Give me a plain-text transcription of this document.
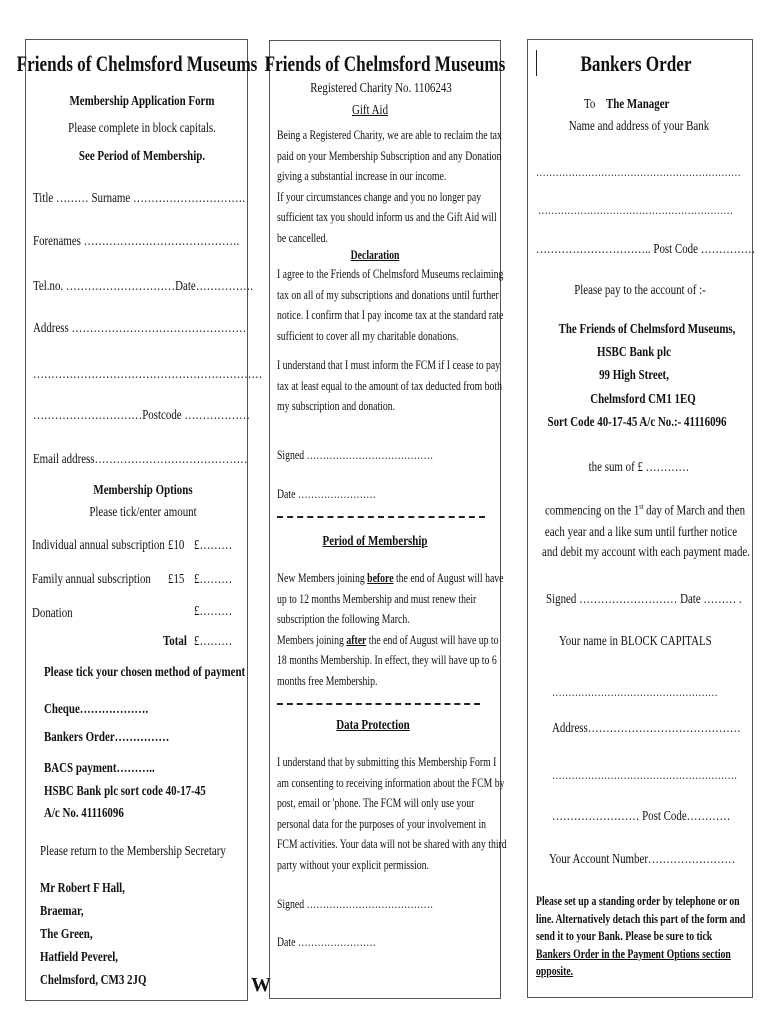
Friends of Chelmsford Museums
Membership Application Form
Please complete in block capitals.
See Period of Membership.
Title ……… Surname ………………………….
Forenames …………………………………….
Tel.no. …………………………Date…………….
Address …………………………………………
………………………………………………………
…………………………Postcode ………………
Email address……………………………………
Membership Options
Please tick/enter amount
Individual annual subscription £10 £………
Family annual subscription £15 £………
Donation	£………
Total £………
Please tick your chosen method of payment
Cheque……………….
Bankers Order……………
BACS payment………..
HSBC Bank plc sort code 40-17-45
A/c No. 41116096
Please return to the Membership Secretary
Mr Robert F Hall,
Braemar,
The Green,
Hatfield Peverel,
Chelmsford, CM3 2JQ	W
Friends of Chelmsford Museums
Registered Charity No. 1106243
Gift Aid
Being a Registered Charity, we are able to reclaim the tax
paid on your Membership Subscription and any Donation
giving a substantial increase in our income.
If your circumstances change and you no longer pay
sufficient tax you should inform us and the Gift Aid will
be cancelled.
Declaration
I agree to the Friends of Chelmsford Museums reclaiming
tax on all of my subscriptions and donations until further
notice. I confirm that I pay income tax at the standard rate
sufficient to cover all my charitable donations.
I understand that I must inform the FCM if I cease to pay
tax at least equal to the amount of tax deducted from both
my subscription and donation.
Signed …………………………………
Date ……………………
Period of Membership
New Members joining before the end of August will have
up to 12 months Membership and must renew their
subscription the following March.
Members joining after the end of August will have up to
18 months Membership. In effect, they will have up to 6
months free Membership.
Data Protection
I understand that by submitting this Membership Form I
am consenting to receiving information about the FCM by
post, email or 'phone. The FCM will only use your
personal data for the purposes of your involvement in
FCM activities. Your data will not be shared with any third
party without your explicit permission.
Signed …………………………………
Date ……………………
Bankers Order
To The Manager
Name and address of your Bank
………………………………………………………
……………………………………………………
………………………….. Post Code ……………
Please pay to the account of :-
The Friends of Chelmsford Museums,
HSBC Bank plc
99 High Street,
Chelmsford CM1 1EQ
Sort Code 40-17-45 A/c No.:- 41116096
the sum of £ …………
commencing on the 1st day of March and then
each year and a like sum until further notice
and debit my account with each payment made.
Signed ……………………… Date ……… .
Your name in BLOCK CAPITALS
……………………………………………
Address……………………………………
…………………………………………………
…………………… Post Code…………
Your Account Number……………………
Please set up a standing order by telephone or on
line. Alternatively detach this part of the form and
send it to your Bank. Please be sure to tick
Bankers Order in the Payment Options section
opposite.
